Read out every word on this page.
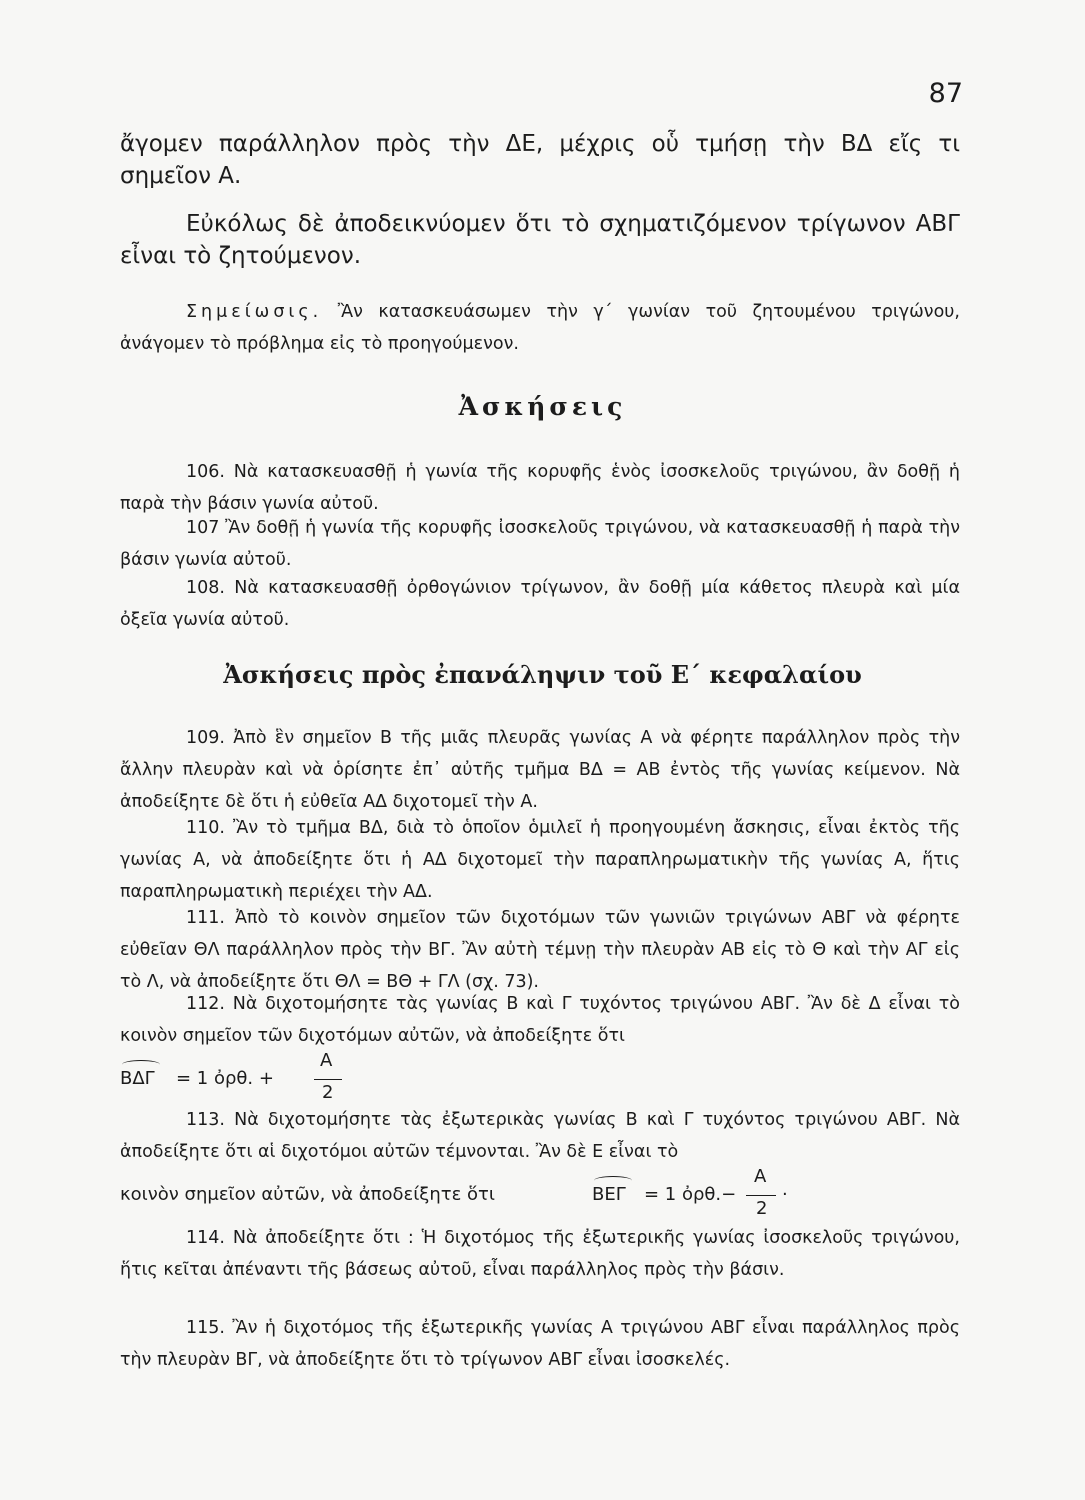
87

ἄγομεν παράλληλον πρὸς τὴν ΔΕ, μέχρις οὗ τμήσῃ τὴν ΒΔ εἴς τι σημεῖον Α.

Εὐκόλως δὲ ἀποδεικνύομεν ὅτι τὸ σχηματιζόμενον τρίγωνον ΑΒΓ εἶναι τὸ ζητούμενον.

Σημείωσις. Ἂν κατασκευάσωμεν τὴν γ΄ γωνίαν τοῦ ζητουμένου τριγώνου, ἀνάγομεν τὸ πρόβλημα εἰς τὸ προηγούμενον.

Ἀσκήσεις

106. Νὰ κατασκευασθῇ ἡ γωνία τῆς κορυφῆς ἑνὸς ἰσοσκελοῦς τριγώνου, ἂν δοθῇ ἡ παρὰ τὴν βάσιν γωνία αὐτοῦ.

107 Ἂν δοθῇ ἡ γωνία τῆς κορυφῆς ἰσοσκελοῦς τριγώνου, νὰ κατασκευασθῇ ἡ παρὰ τὴν βάσιν γωνία αὐτοῦ.

108. Νὰ κατασκευασθῇ ὀρθογώνιον τρίγωνον, ἂν δοθῇ μία κάθετος πλευρὰ καὶ μία ὀξεῖα γωνία αὐτοῦ.

Ἀσκήσεις πρὸς ἐπανάληψιν τοῦ Ε΄ κεφαλαίου

109. Ἀπὸ ἓν σημεῖον Β τῆς μιᾶς πλευρᾶς γωνίας Α νὰ φέρητε παράλληλον πρὸς τὴν ἄλλην πλευρὰν καὶ νὰ ὁρίσητε ἐπ᾽ αὐτῆς τμῆμα ΒΔ = ΑΒ ἐντὸς τῆς γωνίας κείμενον. Νὰ ἀποδείξητε δὲ ὅτι ἡ εὐθεῖα ΑΔ διχοτομεῖ τὴν Α.

110. Ἂν τὸ τμῆμα ΒΔ, διὰ τὸ ὁποῖον ὁμιλεῖ ἡ προηγουμένη ἄσκησις, εἶναι ἐκτὸς τῆς γωνίας Α, νὰ ἀποδείξητε ὅτι ἡ ΑΔ διχοτομεῖ τὴν παραπληρωματικὴν τῆς γωνίας Α, ἥτις παραπληρωματικὴ περιέχει τὴν ΑΔ.

111. Ἀπὸ τὸ κοινὸν σημεῖον τῶν διχοτόμων τῶν γωνιῶν τριγώνων ΑΒΓ νὰ φέρητε εὐθεῖαν ΘΛ παράλληλον πρὸς τὴν ΒΓ. Ἂν αὐτὴ τέμνῃ τὴν πλευρὰν ΑΒ εἰς τὸ Θ καὶ τὴν ΑΓ εἰς τὸ Λ, νὰ ἀποδείξητε ὅτι ΘΛ = ΒΘ + ΓΛ (σχ. 73).

112. Νὰ διχοτομήσητε τὰς γωνίας Β καὶ Γ τυχόντος τριγώνου ΑΒΓ. Ἂν δὲ Δ εἶναι τὸ κοινὸν σημεῖον τῶν διχοτόμων αὐτῶν, νὰ ἀποδείξητε ὅτι

ΒΔΓ = 1 ὀρθ. +
Α
2

113. Νὰ διχοτομήσητε τὰς ἐξωτερικὰς γωνίας Β καὶ Γ τυχόντος τριγώνου ΑΒΓ. Νὰ ἀποδείξητε ὅτι αἱ διχοτόμοι αὐτῶν τέμνονται. Ἂν δὲ Ε εἶναι τὸ

κοινὸν σημεῖον αὐτῶν, νὰ ἀποδείξητε ὅτι	ΒΕΓ = 1 ὀρθ.−
Α
2
·

114. Νὰ ἀποδείξητε ὅτι : Ἡ διχοτόμος τῆς ἐξωτερικῆς γωνίας ἰσοσκελοῦς τριγώνου, ἥτις κεῖται ἀπέναντι τῆς βάσεως αὐτοῦ, εἶναι παράλληλος πρὸς τὴν βάσιν.

115. Ἂν ἡ διχοτόμος τῆς ἐξωτερικῆς γωνίας Α τριγώνου ΑΒΓ εἶναι παράλληλος πρὸς τὴν πλευρὰν ΒΓ, νὰ ἀποδείξητε ὅτι τὸ τρίγωνον ΑΒΓ εἶναι ἰσοσκελές.
